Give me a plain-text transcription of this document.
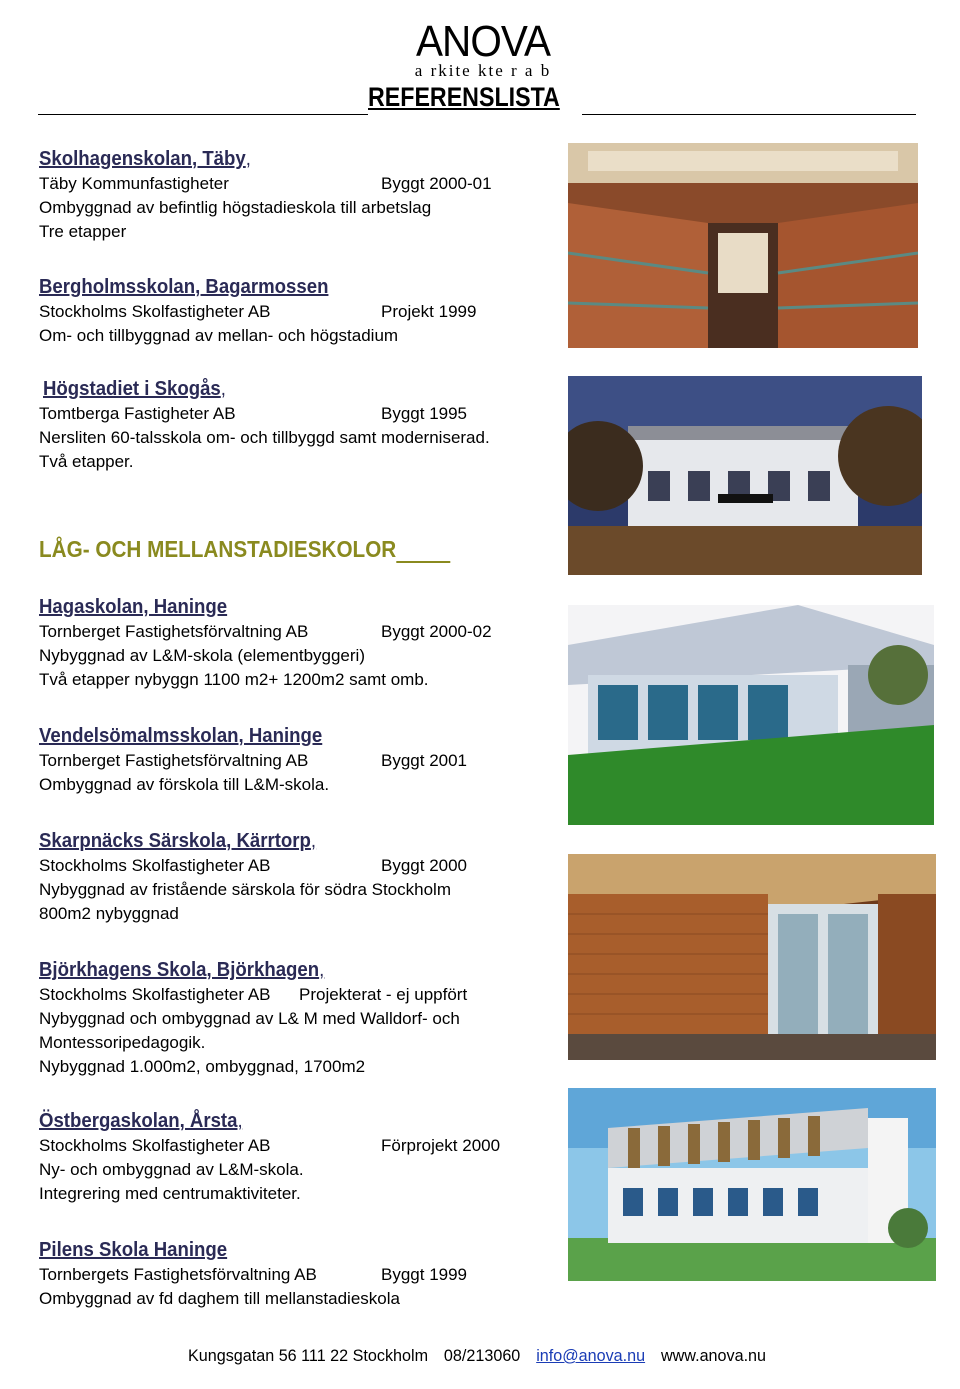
ANOVA
a rkite kte r a b
REFERENSLISTA
Skolhagenskolan, Täby,
Täby Kommunfastigheter	Byggt 2000-01
Ombyggnad av befintlig högstadieskola till arbetslag
Tre etapper
Bergholmsskolan, Bagarmossen
Stockholms Skolfastigheter AB	Projekt 1999
Om- och tillbyggnad av mellan- och högstadium
Högstadiet i Skogås,
Tomtberga Fastigheter AB	Byggt 1995
Nersliten 60-talsskola om- och tillbyggd samt moderniserad.
Två etapper.
LÅG- OCH MELLANSTADIESKOLOR
Hagaskolan, Haninge
Tornberget Fastighetsförvaltning AB	Byggt 2000-02
Nybyggnad av L&M-skola (elementbyggeri)
Två etapper nybyggn 1100 m2+ 1200m2 samt omb.
Vendelsömalmsskolan, Haninge
Tornberget Fastighetsförvaltning AB	Byggt 2001
Ombyggnad av förskola till L&M-skola.
Skarpnäcks Särskola, Kärrtorp,
Stockholms Skolfastigheter AB	Byggt 2000
Nybyggnad av fristående särskola för södra Stockholm
800m2 nybyggnad
Björkhagens Skola, Björkhagen,
Stockholms Skolfastigheter AB Projekterat - ej uppfört
Nybyggnad och ombyggnad av L& M med Walldorf- och
Montessoripedagogik.
Nybyggnad 1.000m2, ombyggnad, 1700m2
Östbergaskolan, Årsta,
Stockholms Skolfastigheter AB	Förprojekt 2000
Ny- och ombyggnad av L&M-skola.
Integrering med centrumaktiviteter.
Pilens Skola Haninge
Tornbergets Fastighetsförvaltning AB	Byggt 1999
Ombyggnad av fd daghem till mellanstadieskola
Kungsgatan 56 111 22 Stockholm 08/213060 info@anova.nu www.anova.nu
